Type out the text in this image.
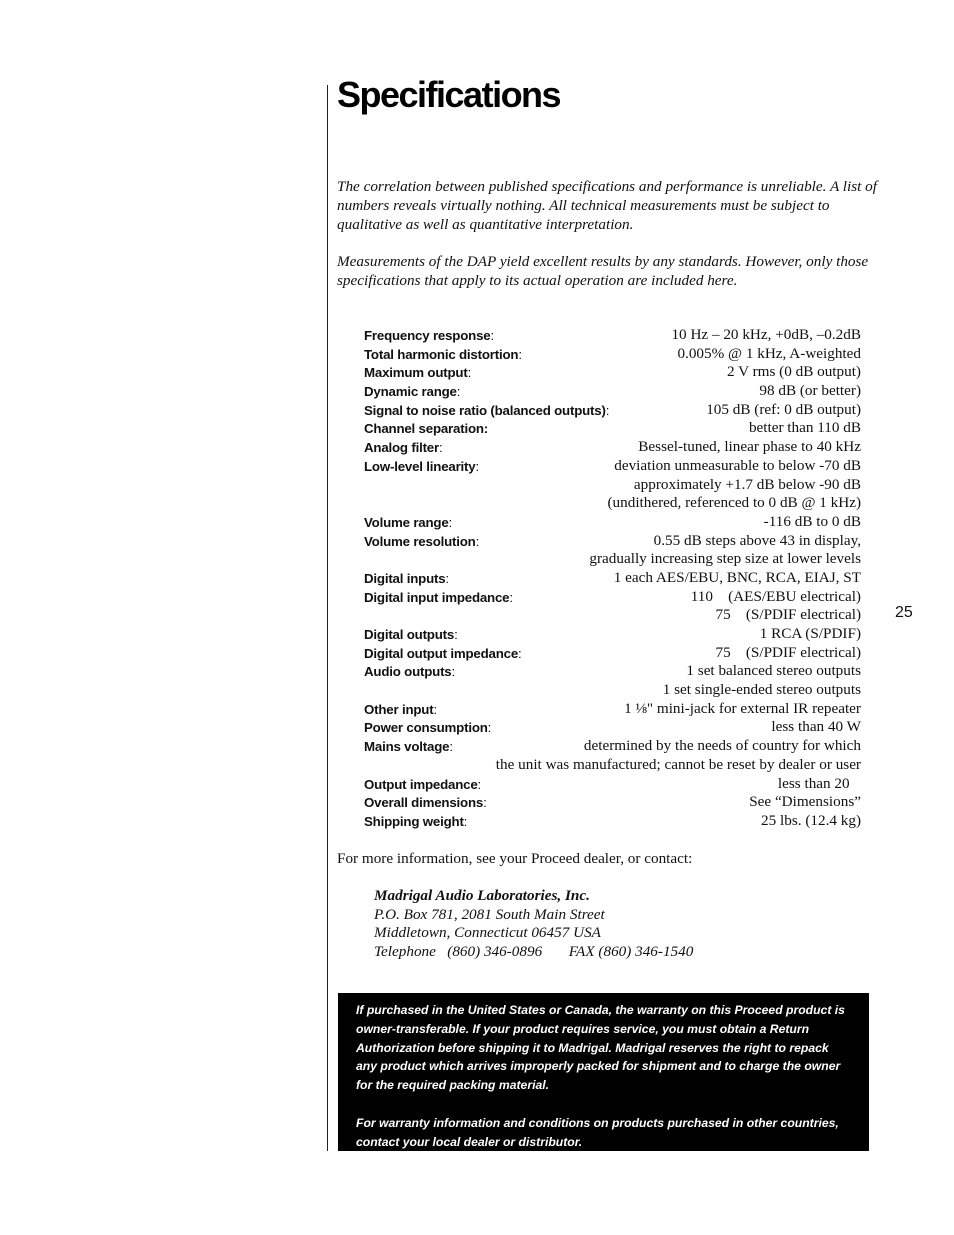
Specifications

The correlation between published specifications and performance is unreliable. A list of numbers reveals virtually nothing. All technical measurements must be subject to qualitative as well as quantitative interpretation.

Measurements of the DAP yield excellent results by any standards. However, only those specifications that apply to its actual operation are included here.

Frequency response:	10 Hz – 20 kHz, +0dB, –0.2dB
Total harmonic distortion:	0.005% @ 1 kHz, A-weighted
Maximum output:	2 V rms (0 dB output)
Dynamic range:	98 dB (or better)
Signal to noise ratio (balanced outputs):	105 dB (ref: 0 dB output)
Channel separation:	better than 110 dB
Analog filter:	Bessel-tuned, linear phase to 40 kHz
Low-level linearity:	deviation unmeasurable to below -70 dB
approximately +1.7 dB below -90 dB
(undithered, referenced to 0 dB @ 1 kHz)
Volume range:	-116 dB to 0 dB
Volume resolution:	0.55 dB steps above 43 in display,
gradually increasing step size at lower levels
Digital inputs:	1 each AES/EBU, BNC, RCA, EIAJ, ST
Digital input impedance:	110    (AES/EBU electrical)
75    (S/PDIF electrical)
Digital outputs:	1 RCA (S/PDIF)
Digital output impedance:	75    (S/PDIF electrical)
Audio outputs:	1 set balanced stereo outputs
1 set single-ended stereo outputs
Other input:	1 ⅛" mini-jack for external IR repeater
Power consumption:	less than 40 W
Mains voltage:	determined by the needs of country for which
the unit was manufactured; cannot be reset by dealer or user
Output impedance:	less than 20
Overall dimensions:	See “Dimensions”
Shipping weight:	25 lbs. (12.4 kg)

For more information, see your Proceed dealer, or contact:

Madrigal Audio Laboratories, Inc.
P.O. Box 781, 2081 South Main Street
Middletown, Connecticut 06457 USA
Telephone   (860) 346-0896       FAX (860) 346-1540

If purchased in the United States or Canada, the warranty on this Proceed product is owner-transferable. If your product requires service, you must obtain a Return Authorization before shipping it to Madrigal. Madrigal reserves the right to repack any product which arrives improperly packed for shipment and to charge the owner for the required packing material.

For warranty information and conditions on products purchased in other countries, contact your local dealer or distributor.

25
